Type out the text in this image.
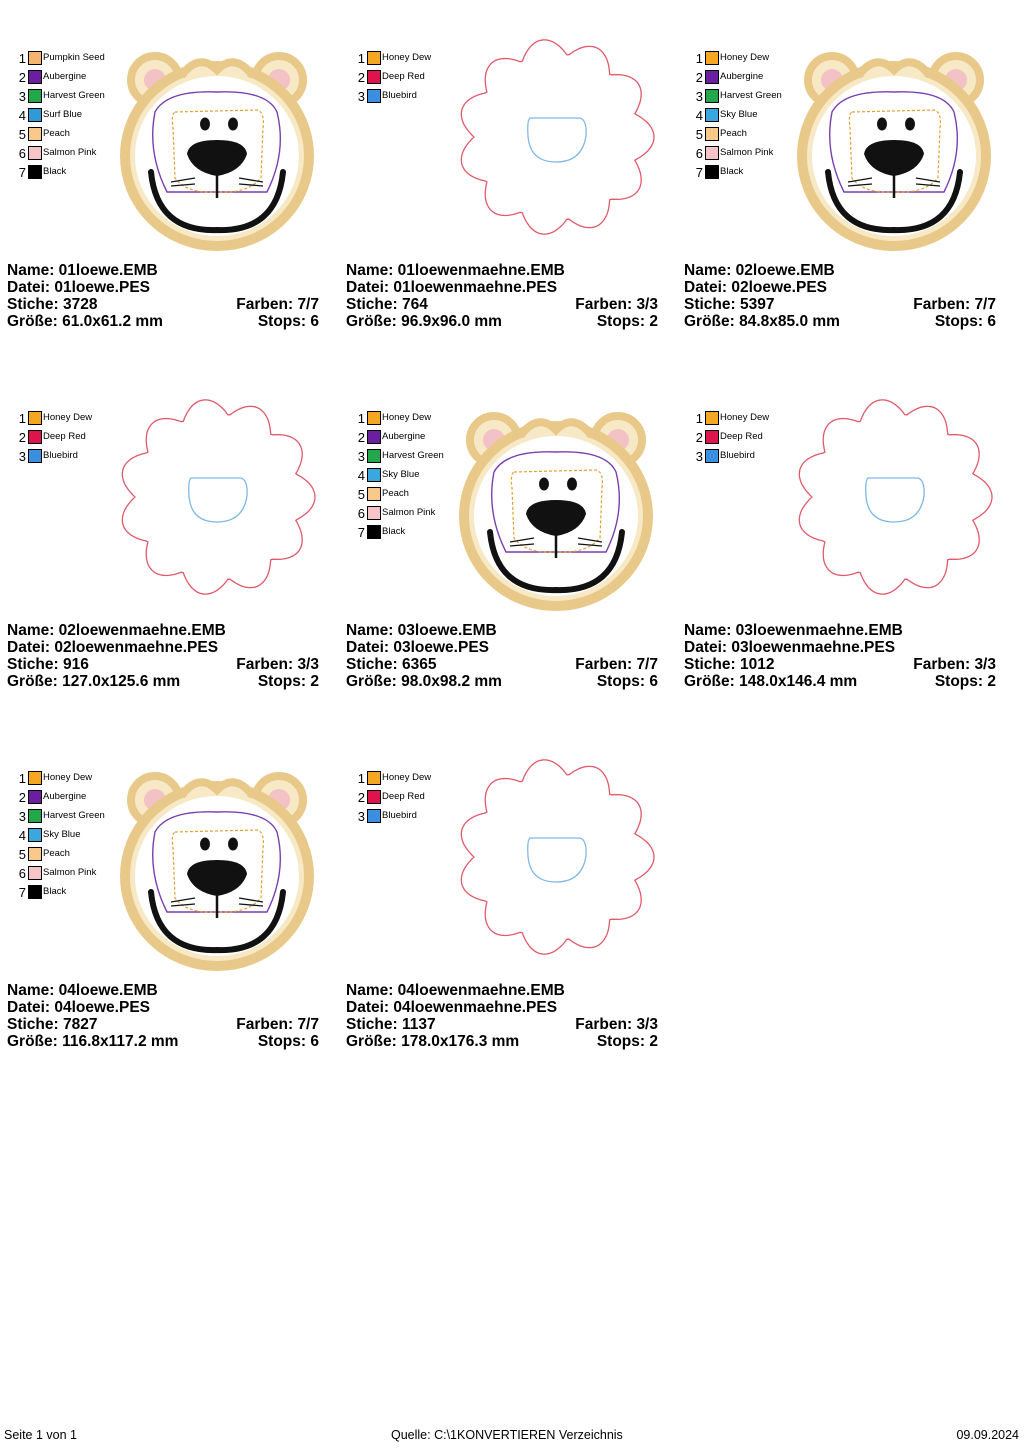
1 Pumpkin Seed
2 Aubergine
3 Harvest Green
4 Surf Blue
5 Peach
6 Salmon Pink
7 Black
Name: 01loewe.EMB
Datei: 01loewe.PES
Stiche: 3728	Farben: 7/7
Größe: 61.0x61.2 mm	Stops: 6
1 Honey Dew
2 Deep Red
3 Bluebird
Name: 01loewenmaehne.EMB
Datei: 01loewenmaehne.PES
Stiche: 764	Farben: 3/3
Größe: 96.9x96.0 mm	Stops: 2
1 Honey Dew
2 Aubergine
3 Harvest Green
4 Sky Blue
5 Peach
6 Salmon Pink
7 Black
Name: 02loewe.EMB
Datei: 02loewe.PES
Stiche: 5397	Farben: 7/7
Größe: 84.8x85.0 mm	Stops: 6
1 Honey Dew
2 Deep Red
3 Bluebird
Name: 02loewenmaehne.EMB
Datei: 02loewenmaehne.PES
Stiche: 916	Farben: 3/3
Größe: 127.0x125.6 mm	Stops: 2
1 Honey Dew
2 Aubergine
3 Harvest Green
4 Sky Blue
5 Peach
6 Salmon Pink
7 Black
Name: 03loewe.EMB
Datei: 03loewe.PES
Stiche: 6365	Farben: 7/7
Größe: 98.0x98.2 mm	Stops: 6
1 Honey Dew
2 Deep Red
3 Bluebird
Name: 03loewenmaehne.EMB
Datei: 03loewenmaehne.PES
Stiche: 1012	Farben: 3/3
Größe: 148.0x146.4 mm	Stops: 2
1 Honey Dew
2 Aubergine
3 Harvest Green
4 Sky Blue
5 Peach
6 Salmon Pink
7 Black
Name: 04loewe.EMB
Datei: 04loewe.PES
Stiche: 7827	Farben: 7/7
Größe: 116.8x117.2 mm	Stops: 6
1 Honey Dew
2 Deep Red
3 Bluebird
Name: 04loewenmaehne.EMB
Datei: 04loewenmaehne.PES
Stiche: 1137	Farben: 3/3
Größe: 178.0x176.3 mm	Stops: 2
Seite 1 von 1	Quelle: C:\1KONVERTIEREN Verzeichnis	09.09.2024
